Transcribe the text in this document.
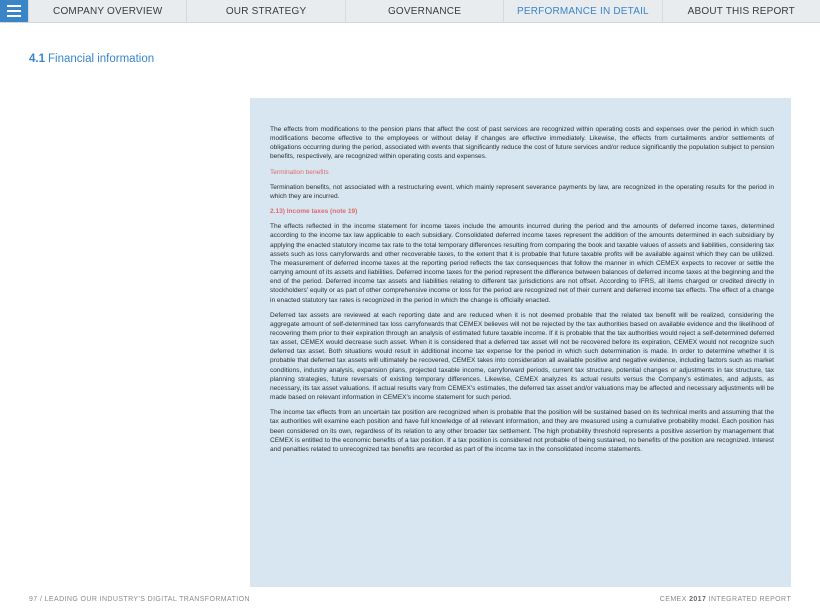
COMPANY OVERVIEW	OUR STRATEGY	GOVERNANCE	PERFORMANCE IN DETAIL	ABOUT THIS REPORT
4.1 Financial information

The effects from modifications to the pension plans that affect the cost of past services are recognized within operating costs and expenses over the period in which such modifications become effective to the employees or without delay if changes are effective immediately. Likewise, the effects from curtailments and/or settlements of obligations occurring during the period, associated with events that significantly reduce the cost of future services and/or reduce significantly the population subject to pension benefits, respectively, are recognized within operating costs and expenses.

Termination benefits

Termination benefits, not associated with a restructuring event, which mainly represent severance payments by law, are recognized in the operating results for the period in which they are incurred.

2.13) Income taxes (note 19)

The effects reflected in the income statement for income taxes include the amounts incurred during the period and the amounts of deferred income taxes, determined according to the income tax law applicable to each subsidiary. Consolidated deferred income taxes represent the addition of the amounts determined in each subsidiary by applying the enacted statutory income tax rate to the total temporary differences resulting from comparing the book and taxable values of assets and liabilities, considering tax assets such as loss carryforwards and other recoverable taxes, to the extent that it is probable that future taxable profits will be available against which they can be utilized. The measurement of deferred income taxes at the reporting period reflects the tax consequences that follow the manner in which CEMEX expects to recover or settle the carrying amount of its assets and liabilities. Deferred income taxes for the period represent the difference between balances of deferred income taxes at the beginning and the end of the period. Deferred income tax assets and liabilities relating to different tax jurisdictions are not offset. According to IFRS, all items charged or credited directly in stockholders' equity or as part of other comprehensive income or loss for the period are recognized net of their current and deferred income tax effects. The effect of a change in enacted statutory tax rates is recognized in the period in which the change is officially enacted.

Deferred tax assets are reviewed at each reporting date and are reduced when it is not deemed probable that the related tax benefit will be realized, considering the aggregate amount of self-determined tax loss carryforwards that CEMEX believes will not be rejected by the tax authorities based on available evidence and the likelihood of recovering them prior to their expiration through an analysis of estimated future taxable income. If it is probable that the tax authorities would reject a self-determined deferred tax asset, CEMEX would decrease such asset. When it is considered that a deferred tax asset will not be recovered before its expiration, CEMEX would not recognize such deferred tax asset. Both situations would result in additional income tax expense for the period in which such determination is made. In order to determine whether it is probable that deferred tax assets will ultimately be recovered, CEMEX takes into consideration all available positive and negative evidence, including factors such as market conditions, industry analysis, expansion plans, projected taxable income, carryforward periods, current tax structure, potential changes or adjustments in tax structure, tax planning strategies, future reversals of existing temporary differences. Likewise, CEMEX analyzes its actual results versus the Company's estimates, and adjusts, as necessary, its tax asset valuations. If actual results vary from CEMEX's estimates, the deferred tax asset and/or valuations may be affected and necessary adjustments will be made based on relevant information in CEMEX's income statement for such period.

The income tax effects from an uncertain tax position are recognized when is probable that the position will be sustained based on its technical merits and assuming that the tax authorities will examine each position and have full knowledge of all relevant information, and they are measured using a cumulative probability model. Each position has been considered on its own, regardless of its relation to any other broader tax settlement. The high probability threshold represents a positive assertion by management that CEMEX is entitled to the economic benefits of a tax position. If a tax position is considered not probable of being sustained, no benefits of the position are recognized. Interest and penalties related to unrecognized tax benefits are recorded as part of the income tax in the consolidated income statements.

97 / LEADING OUR INDUSTRY'S DIGITAL TRANSFORMATION	CEMEX 2017 INTEGRATED REPORT
